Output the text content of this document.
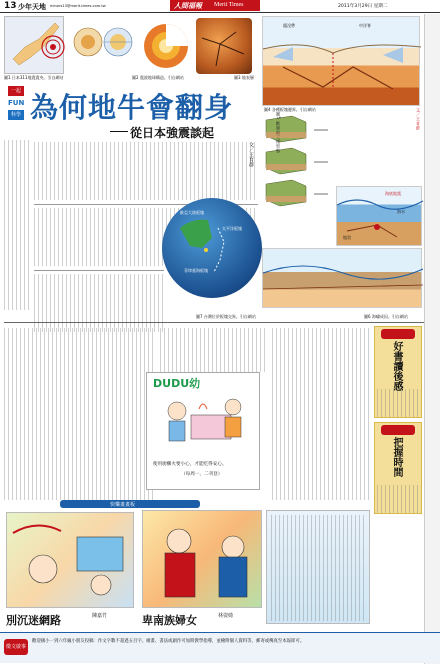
13 少年天地 minors13@merit-times.com.tw	人間福報 Merit Times	2011年3月29日 星期二
圖1 日本311地震震央。引自網站	圖2 震波地球構造。引自網站	圖3 地表層
隱沒帶	中洋脊
圖4 各種板塊邊界。引自網站	文／王育群
一起
FUN
科學 為何地牛會翻身
從日本強震談起
文／王育群
圖5 斷層的三種型態
海水
海底地震
地殼
圖6 海嘯成因。引自網站
歐亞大陸板塊
太平洋板塊
菲律賓海板塊
圖7 台灣位於板塊交界。引自網站
DUDU幼
使用廚櫃火要小心，才能吃得安心。
（每周一、二刊登）
好書讀後感
把握時間
快樂畫畫板
別沉迷網路	陳嘉竹	卑南族婦女	林姿綺
徵文啟事
歡迎國小一到六年級小朋友投稿：作文字數不超過五百字。繪畫、書法或創作可加附教學指導，並檢附個人資料等，郵寄或傳真至本報即可。
